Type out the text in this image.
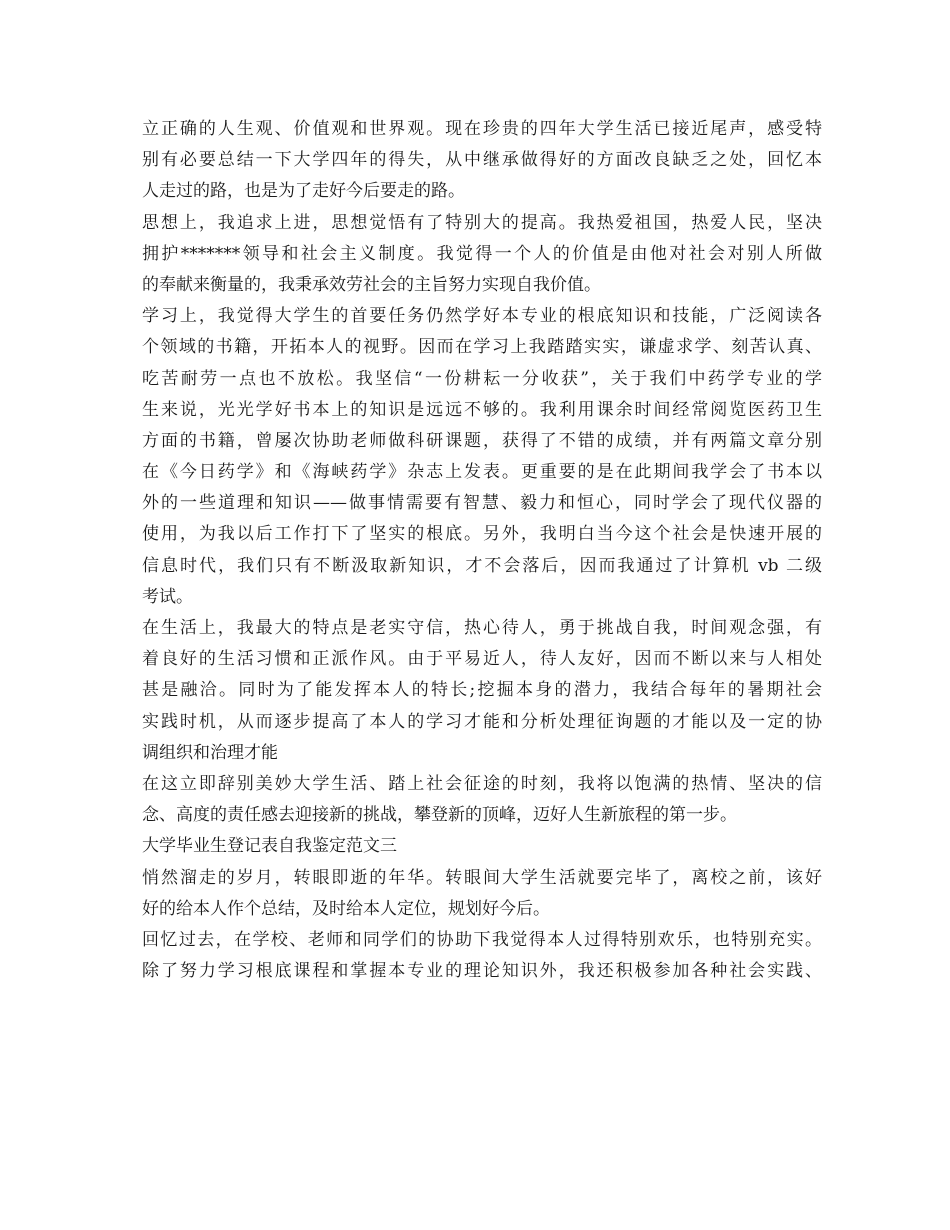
立正确的人生观、价值观和世界观。现在珍贵的四年大学生活已接近尾声，感受特
别有必要总结一下大学四年的得失，从中继承做得好的方面改良缺乏之处，回忆本
人走过的路，也是为了走好今后要走的路。
思想上，我追求上进，思想觉悟有了特别大的提高。我热爱祖国，热爱人民，坚决
拥护*******领导和社会主义制度。我觉得一个人的价值是由他对社会对别人所做
的奉献来衡量的，我秉承效劳社会的主旨努力实现自我价值。
学习上，我觉得大学生的首要任务仍然学好本专业的根底知识和技能，广泛阅读各
个领域的书籍，开拓本人的视野。因而在学习上我踏踏实实，谦虚求学、刻苦认真、
吃苦耐劳一点也不放松。我坚信“一份耕耘一分收获”，关于我们中药学专业的学
生来说，光光学好书本上的知识是远远不够的。我利用课余时间经常阅览医药卫生
方面的书籍，曾屡次协助老师做科研课题，获得了不错的成绩，并有两篇文章分别
在《今日药学》和《海峡药学》杂志上发表。更重要的是在此期间我学会了书本以
外的一些道理和知识——做事情需要有智慧、毅力和恒心，同时学会了现代仪器的
使用，为我以后工作打下了坚实的根底。另外，我明白当今这个社会是快速开展的
信息时代，我们只有不断汲取新知识，才不会落后，因而我通过了计算机 vb 二级
考试。
在生活上，我最大的特点是老实守信，热心待人，勇于挑战自我，时间观念强，有
着良好的生活习惯和正派作风。由于平易近人，待人友好，因而不断以来与人相处
甚是融洽。同时为了能发挥本人的特长;挖掘本身的潜力，我结合每年的暑期社会
实践时机，从而逐步提高了本人的学习才能和分析处理征询题的才能以及一定的协
调组织和治理才能
在这立即辞别美妙大学生活、踏上社会征途的时刻，我将以饱满的热情、坚决的信
念、高度的责任感去迎接新的挑战，攀登新的顶峰，迈好人生新旅程的第一步。
大学毕业生登记表自我鉴定范文三
悄然溜走的岁月，转眼即逝的年华。转眼间大学生活就要完毕了，离校之前，该好
好的给本人作个总结，及时给本人定位，规划好今后。
回忆过去，在学校、老师和同学们的协助下我觉得本人过得特别欢乐，也特别充实。
除了努力学习根底课程和掌握本专业的理论知识外，我还积极参加各种社会实践、
